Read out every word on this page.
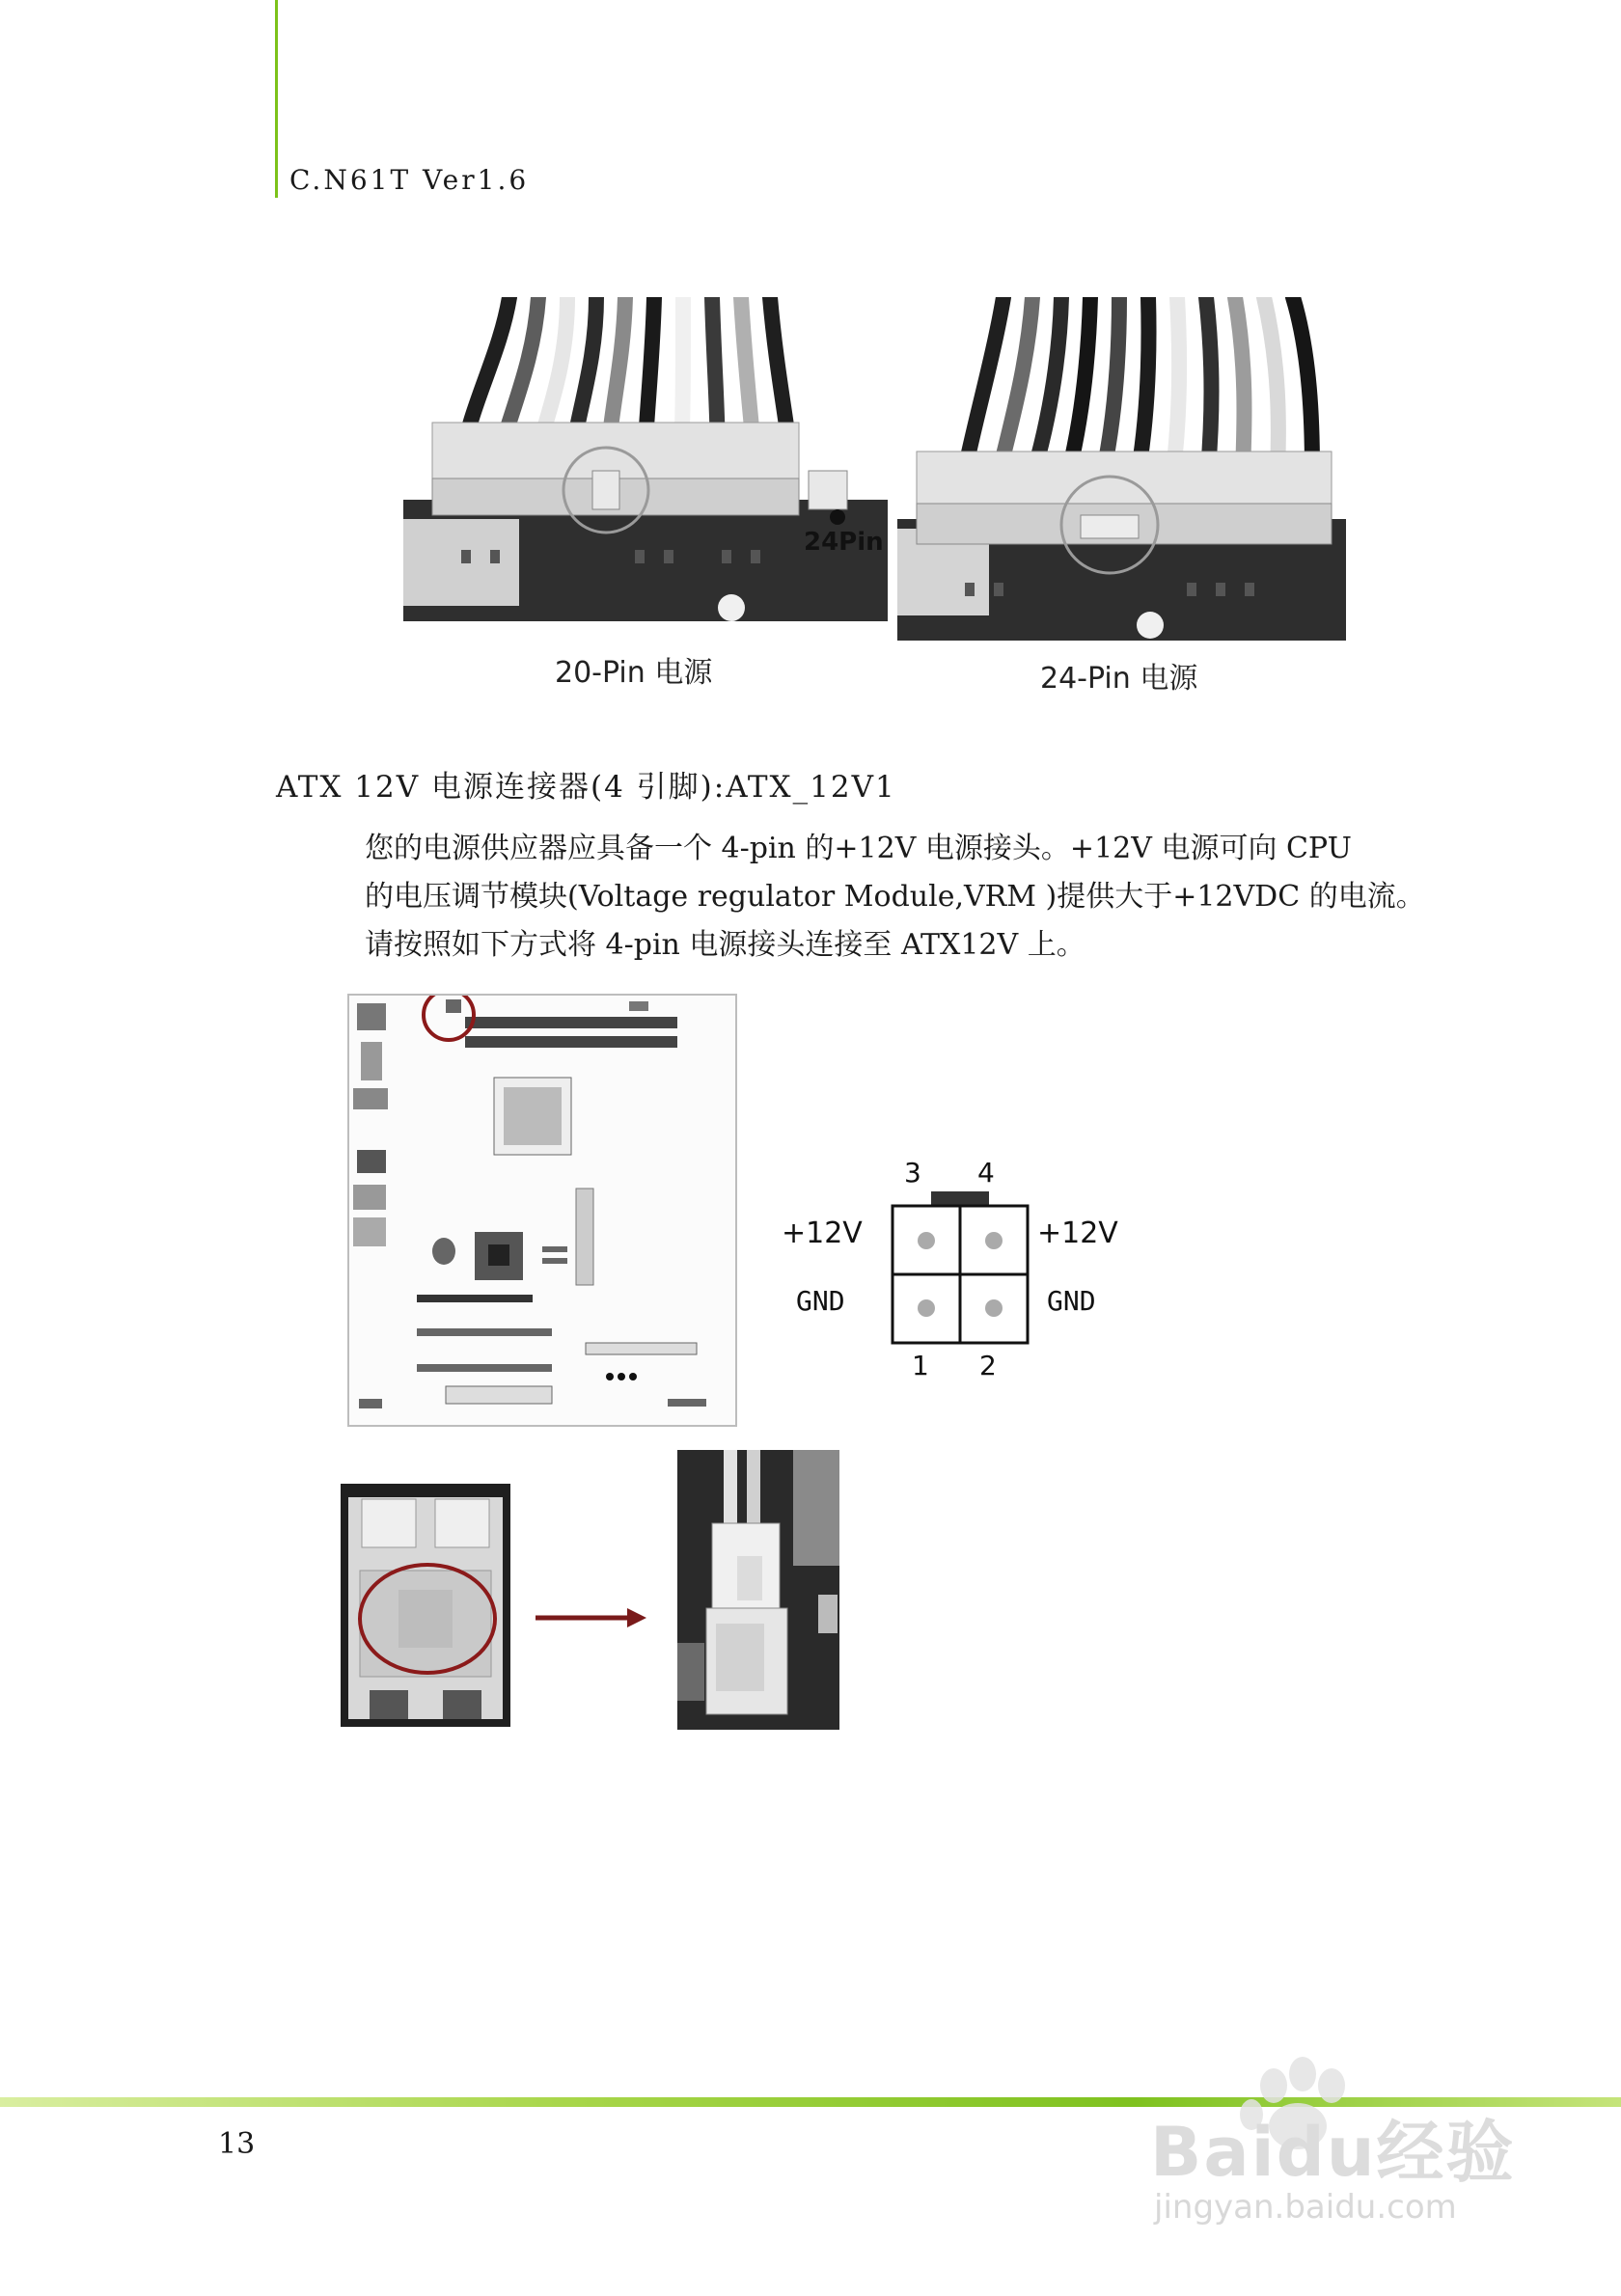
C.N61T Ver1.6
24Pin
20-Pin 电源	24-Pin 电源
ATX 12V 电源连接器(4 引脚):ATX_12V1

您的电源供应器应具备一个 4-pin 的+12V 电源接头。+12V 电源可向 CPU

的电压调节模块(Voltage regulator Module,VRM )提供大于+12VDC 的电流。

请按照如下方式将 4-pin 电源接头连接至 ATX12V 上。

3 4
+12V
GND
+12V
GND
1 2
13	Baidu经验
jingyan.baidu.com
